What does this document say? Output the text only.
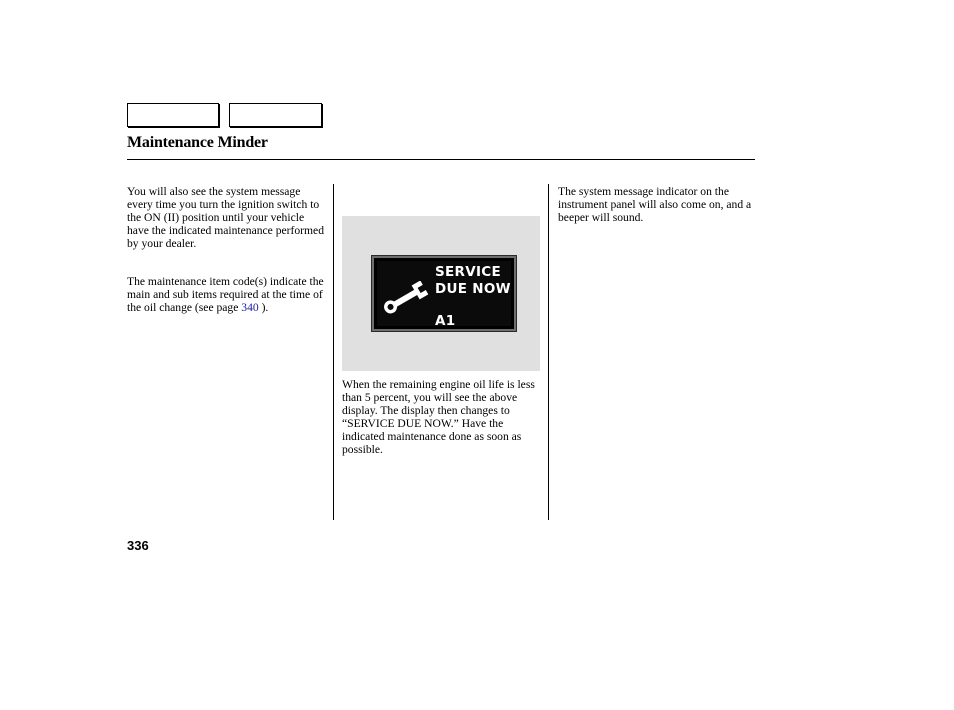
Maintenance Minder

You will also see the system message every time you turn the ignition switch to the ON (II) position until your vehicle have the indicated maintenance performed by your dealer.

The maintenance item code(s) indicate the main and sub items required at the time of the oil change (see page 340 ).

SERVICE

DUE NOW

A1

When the remaining engine oil life is less than 5 percent, you will see the above display. The display then changes to “SERVICE DUE NOW.” Have the indicated maintenance done as soon as possible.

The system message indicator on the instrument panel will also come on, and a beeper will sound.

336
